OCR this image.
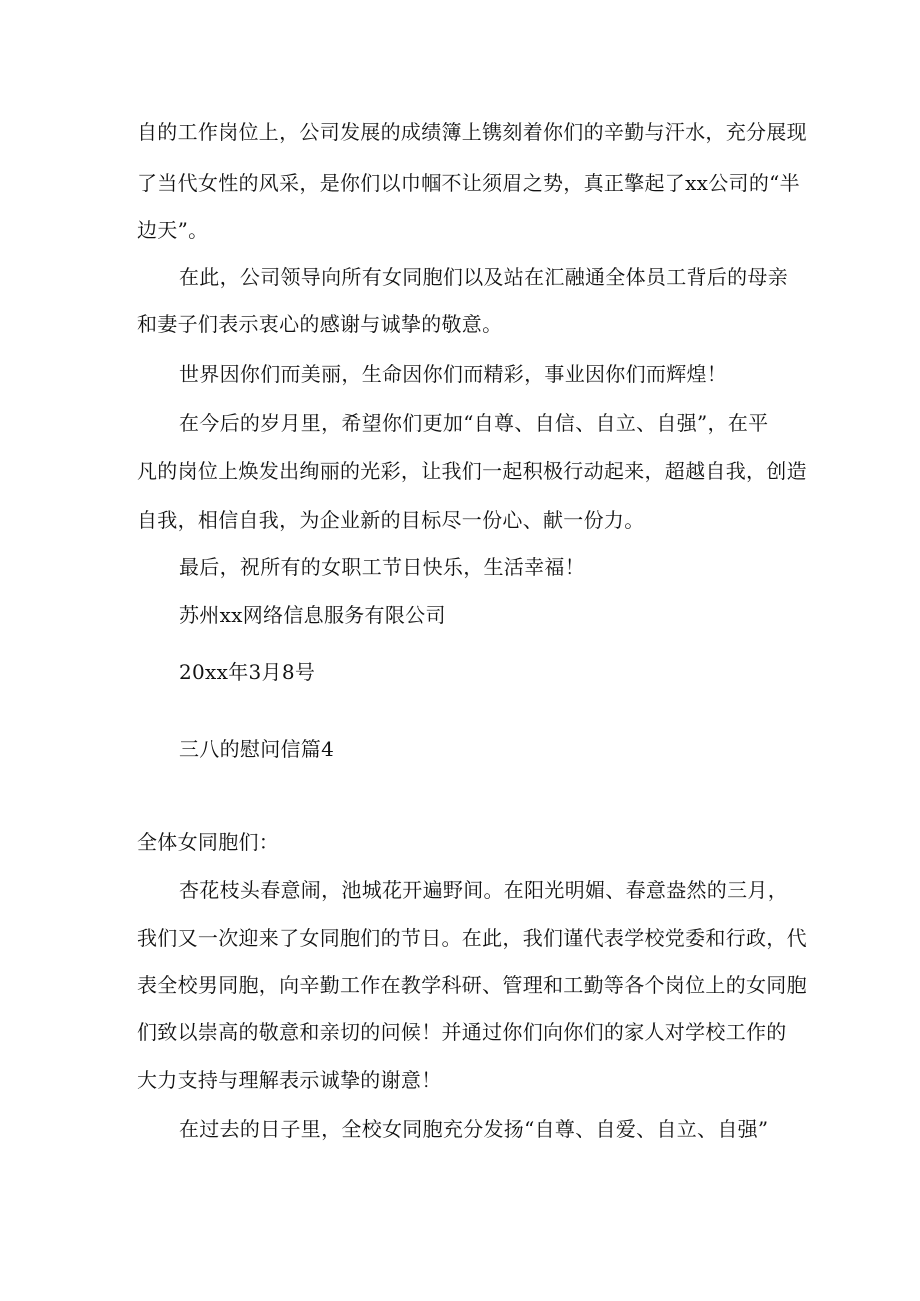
自的工作岗位上，公司发展的成绩簿上镌刻着你们的辛勤与汗水，充分展现
了当代女性的风采，是你们以巾帼不让须眉之势，真正擎起了xx公司的“半
边天”。
在此，公司领导向所有女同胞们以及站在汇融通全体员工背后的母亲
和妻子们表示衷心的感谢与诚挚的敬意。
世界因你们而美丽，生命因你们而精彩，事业因你们而辉煌！
在今后的岁月里，希望你们更加“自尊、自信、自立、自强”，在平
凡的岗位上焕发出绚丽的光彩，让我们一起积极行动起来，超越自我，创造
自我，相信自我，为企业新的目标尽一份心、献一份力。
最后，祝所有的女职工节日快乐，生活幸福！
苏州xx网络信息服务有限公司
20xx年3月8号
三八的慰问信篇4
全体女同胞们：
杏花枝头春意闹，池城花开遍野间。在阳光明媚、春意盎然的三月，
我们又一次迎来了女同胞们的节日。在此，我们谨代表学校党委和行政，代
表全校男同胞，向辛勤工作在教学科研、管理和工勤等各个岗位上的女同胞
们致以崇高的敬意和亲切的问候！并通过你们向你们的家人对学校工作的
大力支持与理解表示诚挚的谢意！
在过去的日子里，全校女同胞充分发扬“自尊、自爱、自立、自强”
